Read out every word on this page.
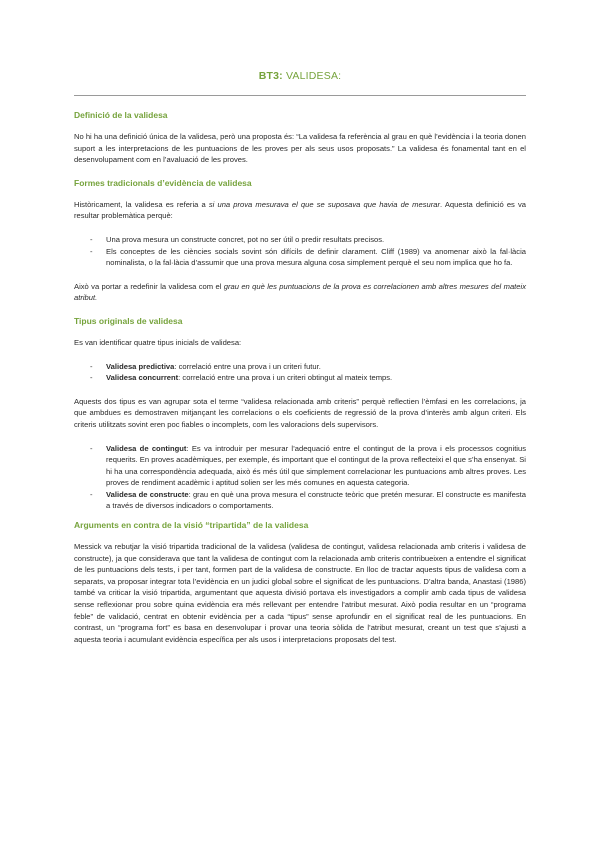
BT3: VALIDESA:
Definició de la validesa

No hi ha una definició única de la validesa, però una proposta és: “La validesa fa referència al grau en què l’evidència i la teoria donen suport a les interpretacions de les puntuacions de les proves per als seus usos proposats.” La validesa és fonamental tant en el desenvolupament com en l’avaluació de les proves.

Formes tradicionals d’evidència de validesa

Històricament, la validesa es referia a si una prova mesurava el que se suposava que havia de mesurar. Aquesta definició es va resultar problemàtica perquè:

- Una prova mesura un constructe concret, pot no ser útil o predir resultats precisos.
- Els conceptes de les ciències socials sovint són difícils de definir clarament. Cliff (1989) va anomenar això la fal·làcia nominalista, o la fal·làcia d’assumir que una prova mesura alguna cosa simplement perquè el seu nom implica que ho fa.

Això va portar a redefinir la validesa com el grau en què les puntuacions de la prova es correlacionen amb altres mesures del mateix atribut.

Tipus originals de validesa

Es van identificar quatre tipus inicials de validesa:

- Validesa predictiva: correlació entre una prova i un criteri futur.
- Validesa concurrent: correlació entre una prova i un criteri obtingut al mateix temps.

Aquests dos tipus es van agrupar sota el terme “validesa relacionada amb criteris” perquè reflectien l’èmfasi en les correlacions, ja que ambdues es demostraven mitjançant les correlacions o els coeficients de regressió de la prova d’interès amb algun criteri. Els criteris utilitzats sovint eren poc fiables o incomplets, com les valoracions dels supervisors.

- Validesa de contingut: Es va introduir per mesurar l’adequació entre el contingut de la prova i els processos cognitius requerits. En proves acadèmiques, per exemple, és important que el contingut de la prova reflecteixi el que s’ha ensenyat. Si hi ha una correspondència adequada, això és més útil que simplement correlacionar les puntuacions amb altres proves. Les proves de rendiment acadèmic i aptitud solien ser les més comunes en aquesta categoria.
- Validesa de constructe: grau en què una prova mesura el constructe teòric que pretén mesurar. El constructe es manifesta a través de diversos indicadors o comportaments.
Arguments en contra de la visió “tripartida” de la validesa

Messick va rebutjar la visió tripartida tradicional de la validesa (validesa de contingut, validesa relacionada amb criteris i validesa de constructe), ja que considerava que tant la validesa de contingut com la relacionada amb criteris contribueixen a entendre el significat de les puntuacions dels tests, i per tant, formen part de la validesa de constructe. En lloc de tractar aquests tipus de validesa com a separats, va proposar integrar tota l’evidència en un judici global sobre el significat de les puntuacions. D’altra banda, Anastasi (1986) també va criticar la visió tripartida, argumentant que aquesta divisió portava els investigadors a complir amb cada tipus de validesa sense reflexionar prou sobre quina evidència era més rellevant per entendre l’atribut mesurat. Això podia resultar en un “programa feble” de validació, centrat en obtenir evidència per a cada “tipus” sense aprofundir en el significat real de les puntuacions. En contrast, un “programa fort” es basa en desenvolupar i provar una teoria sòlida de l’atribut mesurat, creant un test que s’ajusti a aquesta teoria i acumulant evidència específica per als usos i interpretacions proposats del test.
